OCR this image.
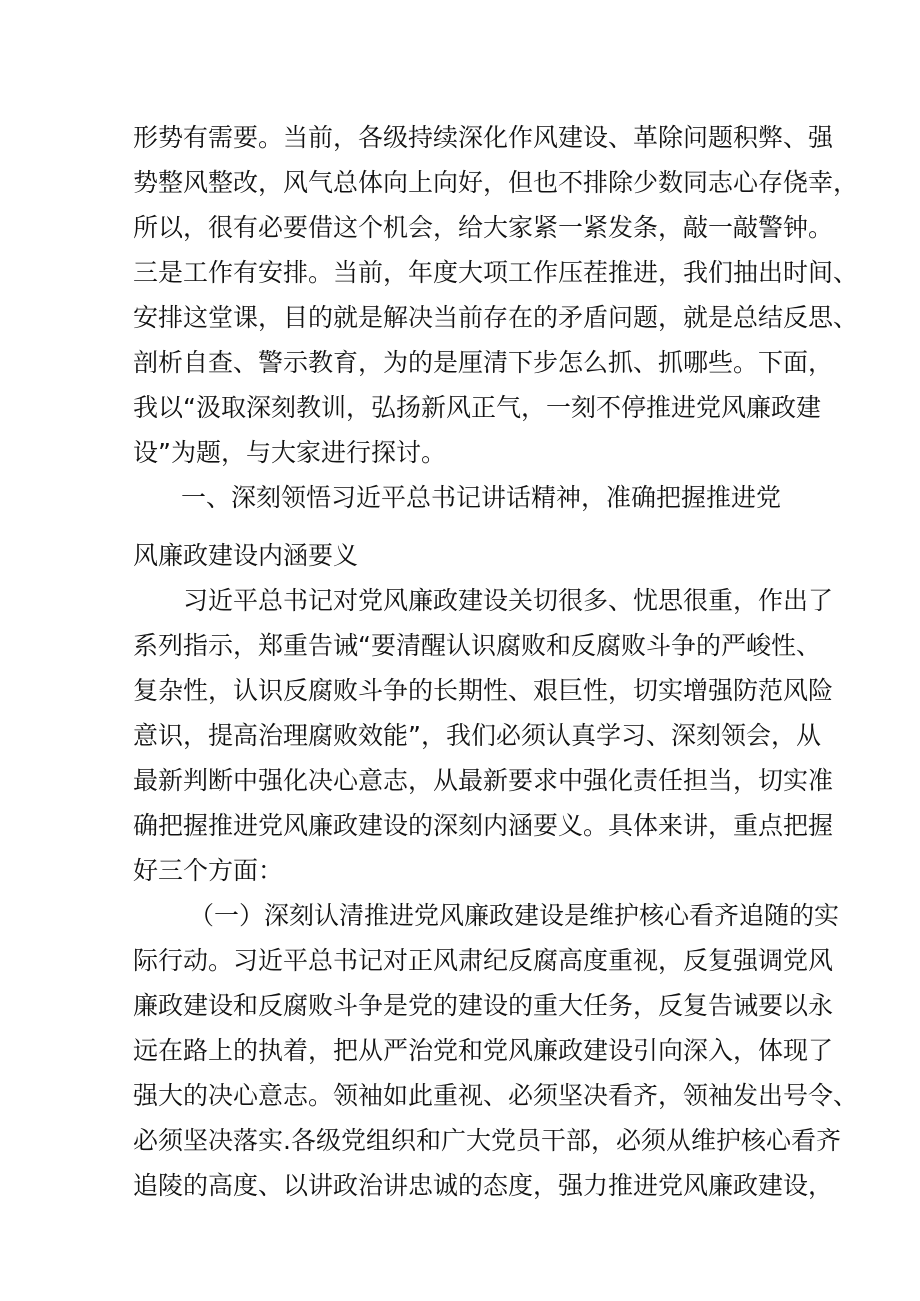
形势有需要。当前，各级持续深化作风建设、革除问题积弊、强
势整风整改，风气总体向上向好，但也不排除少数同志心存侥幸，
所以，很有必要借这个机会，给大家紧一紧发条，敲一敲警钟。
三是工作有安排。当前，年度大项工作压茬推进，我们抽出时间、
安排这堂课，目的就是解决当前存在的矛盾问题，就是总结反思、
剖析自查、警示教育，为的是厘清下步怎么抓、抓哪些。下面，
我以“汲取深刻教训，弘扬新风正气，一刻不停推进党风廉政建
设”为题，与大家进行探讨。
一、深刻领悟习近平总书记讲话精神，准确把握推进党
风廉政建设内涵要义
习近平总书记对党风廉政建设关切很多、忧思很重，作出了
系列指示，郑重告诫“要清醒认识腐败和反腐败斗争的严峻性、
复杂性，认识反腐败斗争的长期性、艰巨性，切实增强防范风险
意识，提高治理腐败效能”，我们必须认真学习、深刻领会，从
最新判断中强化决心意志，从最新要求中强化责任担当，切实准
确把握推进党风廉政建设的深刻内涵要义。具体来讲，重点把握
好三个方面：
（一）深刻认清推进党风廉政建设是维护核心看齐追随的实
际行动。习近平总书记对正风肃纪反腐高度重视，反复强调党风
廉政建设和反腐败斗争是党的建设的重大任务，反复告诫要以永
远在路上的执着，把从严治党和党风廉政建设引向深入，体现了
强大的决心意志。领袖如此重视、必须坚决看齐，领袖发出号令、
必须坚决落实.各级党组织和广大党员干部，必须从维护核心看齐
追陵的高度、以讲政治讲忠诚的态度，强力推进党风廉政建设，
